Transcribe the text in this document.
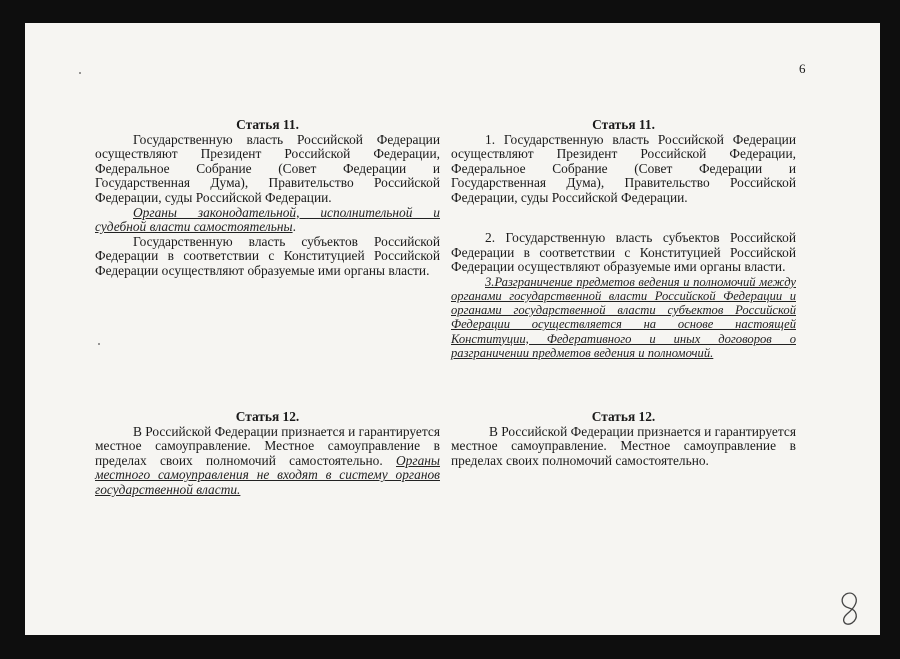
6

Статья 11.

Государственную власть Российской Федерации осуществляют Президент Российской Федерации, Федеральное Собрание (Совет Федерации и Государственная Дума), Правительство Российской Федерации, суды Российской Федерации.

Органы законодательной, исполнительной и судебной власти самостоятельны.

Государственную власть субъектов Российской Федерации в соответствии с Конституцией Российской Федерации осуществляют образуемые ими органы власти.

Статья 12.

В Российской Федерации признается и гарантируется местное самоуправление. Местное самоуправление в пределах своих полномочий самостоятельно. Органы местного самоуправления не входят в систему органов государственной власти.

Статья 11.

1. Государственную власть Российской Федерации осуществляют Президент Российской Федерации, Федеральное Собрание (Совет Федерации и Государственная Дума), Правительство Российской Федерации, суды Российской Федерации.

2. Государственную власть субъектов Российской Федерации в соответствии с Конституцией Российской Федерации осуществляют образуемые ими органы власти.

3.Разграничение предметов ведения и полномочий между органами государственной власти Российской Федерации и органами государственной власти субъектов Российской Федерации осуществляется на основе настоящей Конституции, Федеративного и иных договоров о разграничении предметов ведения и полномочий.

Статья 12.

В Российской Федерации признается и гарантируется местное самоуправление. Местное самоуправление в пределах своих полномочий самостоятельно.
